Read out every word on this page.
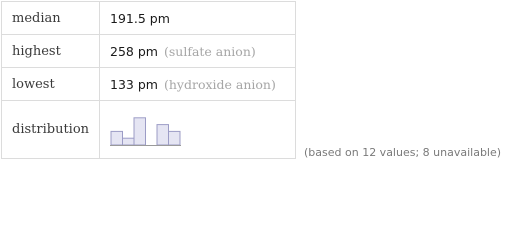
median	191.5 pm
highest	258 pm (sulfate anion)
lowest	133 pm (hydroxide anion)
distribution	
(based on 12 values; 8 unavailable)
